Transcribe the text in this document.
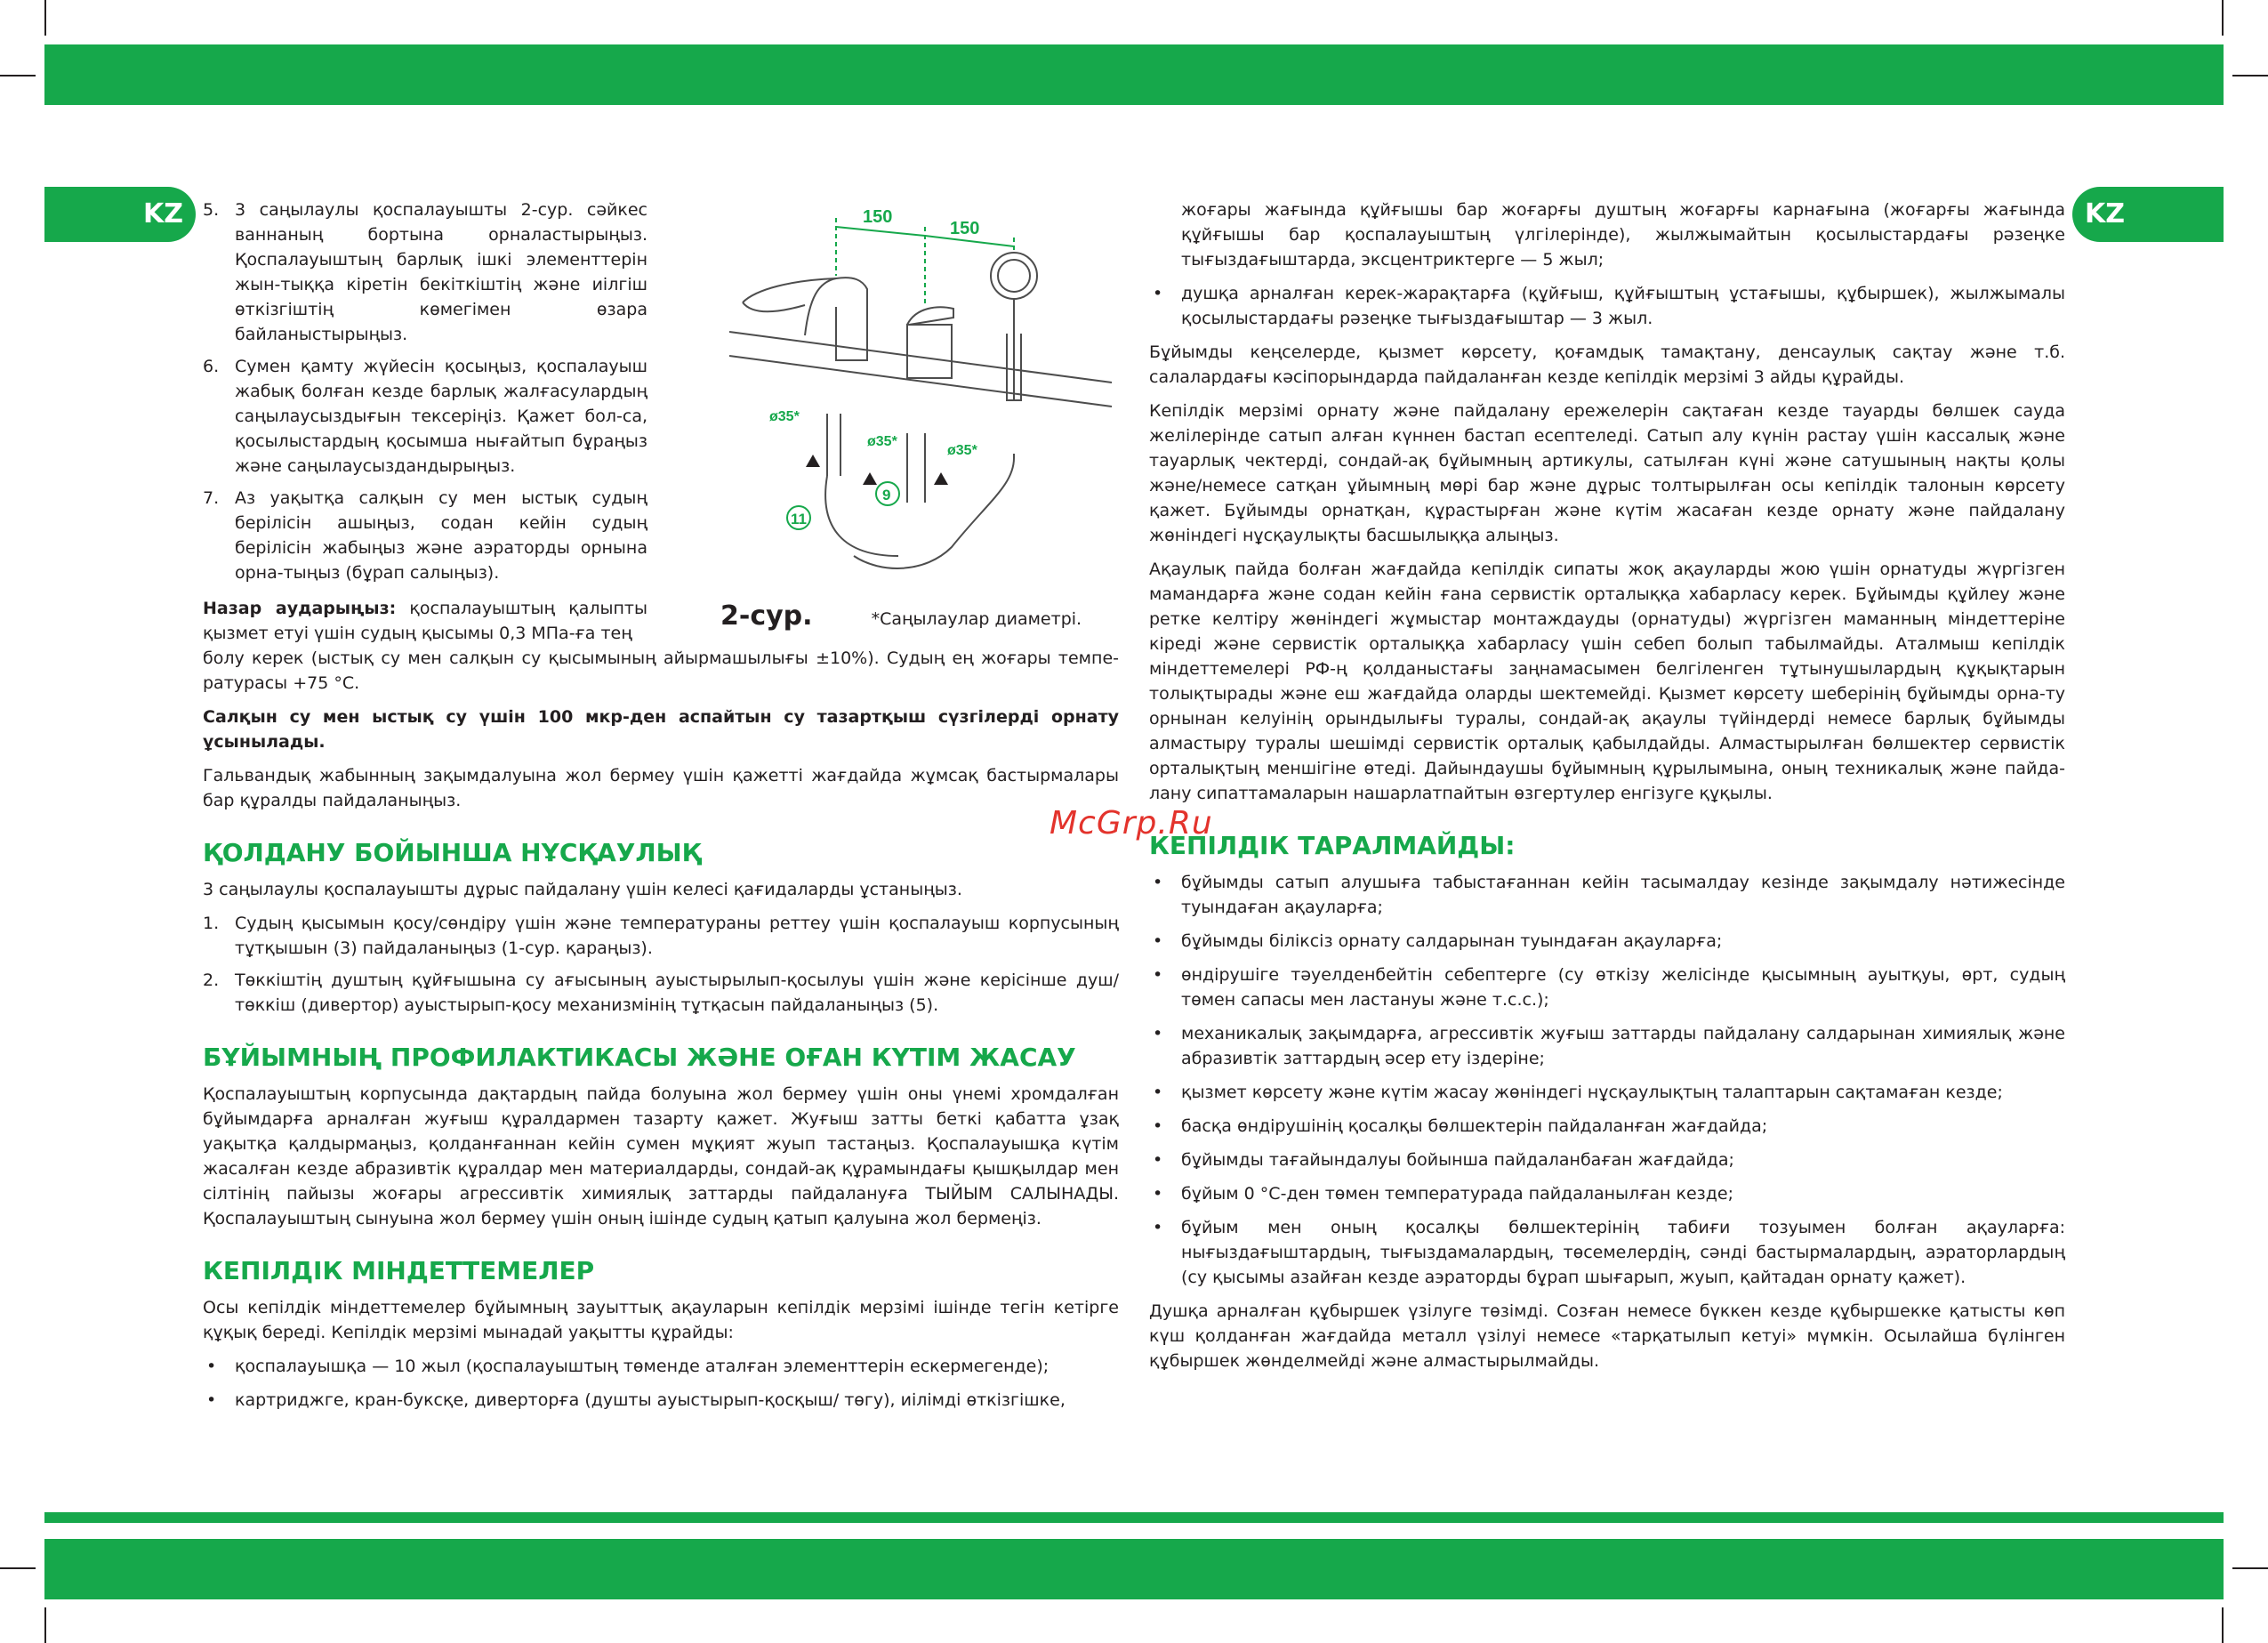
KZ	KZ
150
150
ø35*
ø35*
ø35*
11
9
2-сур.	*Саңылаулар диаметрі.
5. 3 саңылаулы қоспалауышты 2-сур. сәйкес ваннаның бортына орналастырыңыз. Қоспалауыштың барлық ішкі элементтерін жын-тыққа кіретін бекіткіштің және иілгіш өткізгіштің көмегімен өзара байланыстырыңыз.
6. Сумен қамту жүйесін қосыңыз, қоспалауыш жабық болған кезде барлық жалғасулардың саңылаусыздығын тексеріңіз. Қажет бол-са, қосылыстардың қосымша нығайтып бұраңыз және саңылаусыздандырыңыз.
7. Аз уақытқа салқын су мен ыстық судың берілісін ашыңыз, содан кейін судың берілісін жабыңыз және аэраторды орнына орна-тыңыз (бұрап салыңыз).

Назар аударыңыз: қоспалауыштың қалыпты қызмет етуі үшін судың қысымы 0,3 МПа-ға тең

болу керек (ыстық су мен салқын су қысымының айырмашылығы ±10%). Судың ең жоғары темпе-ратурасы +75 °C.

Салқын су мен ыстық су үшін 100 мкр-ден аспайтын су тазартқыш сүзгілерді орнату ұсынылады.

Гальвандық жабынның зақымдалуына жол бермеу үшін қажетті жағдайда жұмсақ бастырмалары бар құралды пайдаланыңыз.

ҚОЛДАНУ БОЙЫНША НҰСҚАУЛЫҚ

3 саңылаулы қоспалауышты дұрыс пайдалану үшін келесі қағидаларды ұстаныңыз.

1. Судың қысымын қосу/сөндіру үшін және температураны реттеу үшін қоспалауыш корпусының тұтқышын (3) пайдаланыңыз (1-сур. қараңыз).
2. Төккіштің душтың құйғышына су ағысының ауыстырылып-қосылуы үшін және керісінше душ/төккіш (дивертор) ауыстырып-қосу механизмінің тұтқасын пайдаланыңыз (5).
БҰЙЫМНЫҢ ПРОФИЛАКТИКАСЫ ЖӘНЕ ОҒАН КҮТІМ ЖАСАУ

Қоспалауыштың корпусында дақтардың пайда болуына жол бермеу үшін оны үнемі хромдалған бұйымдарға арналған жуғыш құралдармен тазарту қажет. Жуғыш затты беткі қабатта ұзақ уақытқа қалдырмаңыз, қолданғаннан кейін сумен мұқият жуып тастаңыз. Қоспалауышқа күтім жасалған кезде абразивтік құралдар мен материалдарды, сондай-ақ құрамындағы қышқылдар мен сілтінің пайызы жоғары агрессивтік химиялық заттарды пайдалануға ТЫЙЫМ САЛЫНАДЫ. Қоспалауыштың сынуына жол бермеу үшін оның ішінде судың қатып қалуына жол бермеңіз.

КЕПІЛДІК МІНДЕТТЕМЕЛЕР

Осы кепілдік міндеттемелер бұйымның зауыттық ақауларын кепілдік мерзімі ішінде тегін кетірге құқық береді. Кепілдік мерзімі мынадай уақытты құрайды:

• қоспалауышқа — 10 жыл (қоспалауыштың төменде аталған элементтерін ескермегенде);
• картриджге, кран-буксқе, диверторға (душты ауыстырып-қосқыш/ төгу), иілімді өткізгішке,

жоғары жағында құйғышы бар жоғарғы душтың жоғарғы карнағына (жоғарғы жағында құйғышы бар қоспалауыштың үлгілерінде), жылжымайтын қосылыстардағы рәзеңке тығыздағыштарда, эксцентриктерге — 5 жыл;

• душқа арналған керек-жарақтарға (құйғыш, құйғыштың ұстағышы, құбыршек), жылжымалы қосылыстардағы рәзеңке тығыздағыштар — 3 жыл.

Бұйымды кеңселерде, қызмет көрсету, қоғамдық тамақтану, денсаулық сақтау және т.б. салалардағы кәсіпорындарда пайдаланған кезде кепілдік мерзімі 3 айды құрайды.

Кепілдік мерзімі орнату және пайдалану ережелерін сақтаған кезде тауарды бөлшек сауда желілерінде сатып алған күннен бастап есептеледі. Сатып алу күнін растау үшін кассалық және тауарлық чектерді, сондай-ақ бұйымның артикулы, сатылған күні және сатушының нақты қолы және/немесе сатқан ұйымның мөрі бар және дұрыс толтырылған осы кепілдік талонын көрсету қажет. Бұйымды орнатқан, құрастырған және күтім жасаған кезде орнату және пайдалану жөніндегі нұсқаулықты басшылыққа алыңыз.

Ақаулық пайда болған жағдайда кепілдік сипаты жоқ ақауларды жою үшін орнатуды жүргізген мамандарға және содан кейін ғана сервистік орталыққа хабарласу керек. Бұйымды құйлеу және ретке келтіру жөніндегі жұмыстар монтаждауды (орнатуды) жүргізген маманның міндеттеріне кіреді және сервистік орталыққа хабарласу үшін себеп болып табылмайды. Аталмыш кепілдік міндеттемелері РФ-ң қолданыстағы заңнамасымен белгіленген тұтынушылардың құқықтарын толықтырады және еш жағдайда оларды шектемейді. Қызмет көрсету шеберінің бұйымды орна-ту орнынан келуінің орындылығы туралы, сондай-ақ ақаулы түйіндерді немесе барлық бұйымды алмастыру туралы шешімді сервистік орталық қабылдайды. Алмастырылған бөлшектер сервистік орталықтың меншігіне өтеді. Дайындаушы бұйымның құрылымына, оның техникалық және пайда-лану сипаттамаларын нашарлатпайтын өзгертулер енгізуге құқылы.

КЕПІЛДІК ТАРАЛМАЙДЫ:
• бұйымды сатып алушыға табыстағаннан кейін тасымалдау кезінде зақымдалу нәтижесінде туындаған ақауларға;
• бұйымды біліксіз орнату салдарынан туындаған ақауларға;
• өндірушіге тәуелденбейтін себептерге (су өткізу желісінде қысымның ауытқуы, өрт, судың төмен сапасы мен ластануы және т.с.с.);
• механикалық зақымдарға, агрессивтік жуғыш заттарды пайдалану салдарынан химиялық және абразивтік заттардың әсер ету іздеріне;
• қызмет көрсету және күтім жасау жөніндегі нұсқаулықтың талаптарын сақтамаған кезде;
• басқа өндірушінің қосалқы бөлшектерін пайдаланған жағдайда;
• бұйымды тағайындалуы бойынша пайдаланбаған жағдайда;
• бұйым 0 °C-ден төмен температурада пайдаланылған кезде;
• бұйым мен оның қосалқы бөлшектерінің табиғи тозуымен болған ақауларға: нығыздағыштардың, тығыздамалардың, төсемелердің, сәнді бастырмалардың, аэраторлардың (су қысымы азайған кезде аэраторды бұрап шығарып, жуып, қайтадан орнату қажет).

Душқа арналған құбыршек үзілуге төзімді. Созған немесе бүккен кезде құбыршекке қатысты көп күш қолданған жағдайда металл үзілуі немесе «тарқатылып кетуі» мүмкін. Осылайша бүлінген құбыршек жөнделмейді және алмастырылмайды.

McGrp.Ru
